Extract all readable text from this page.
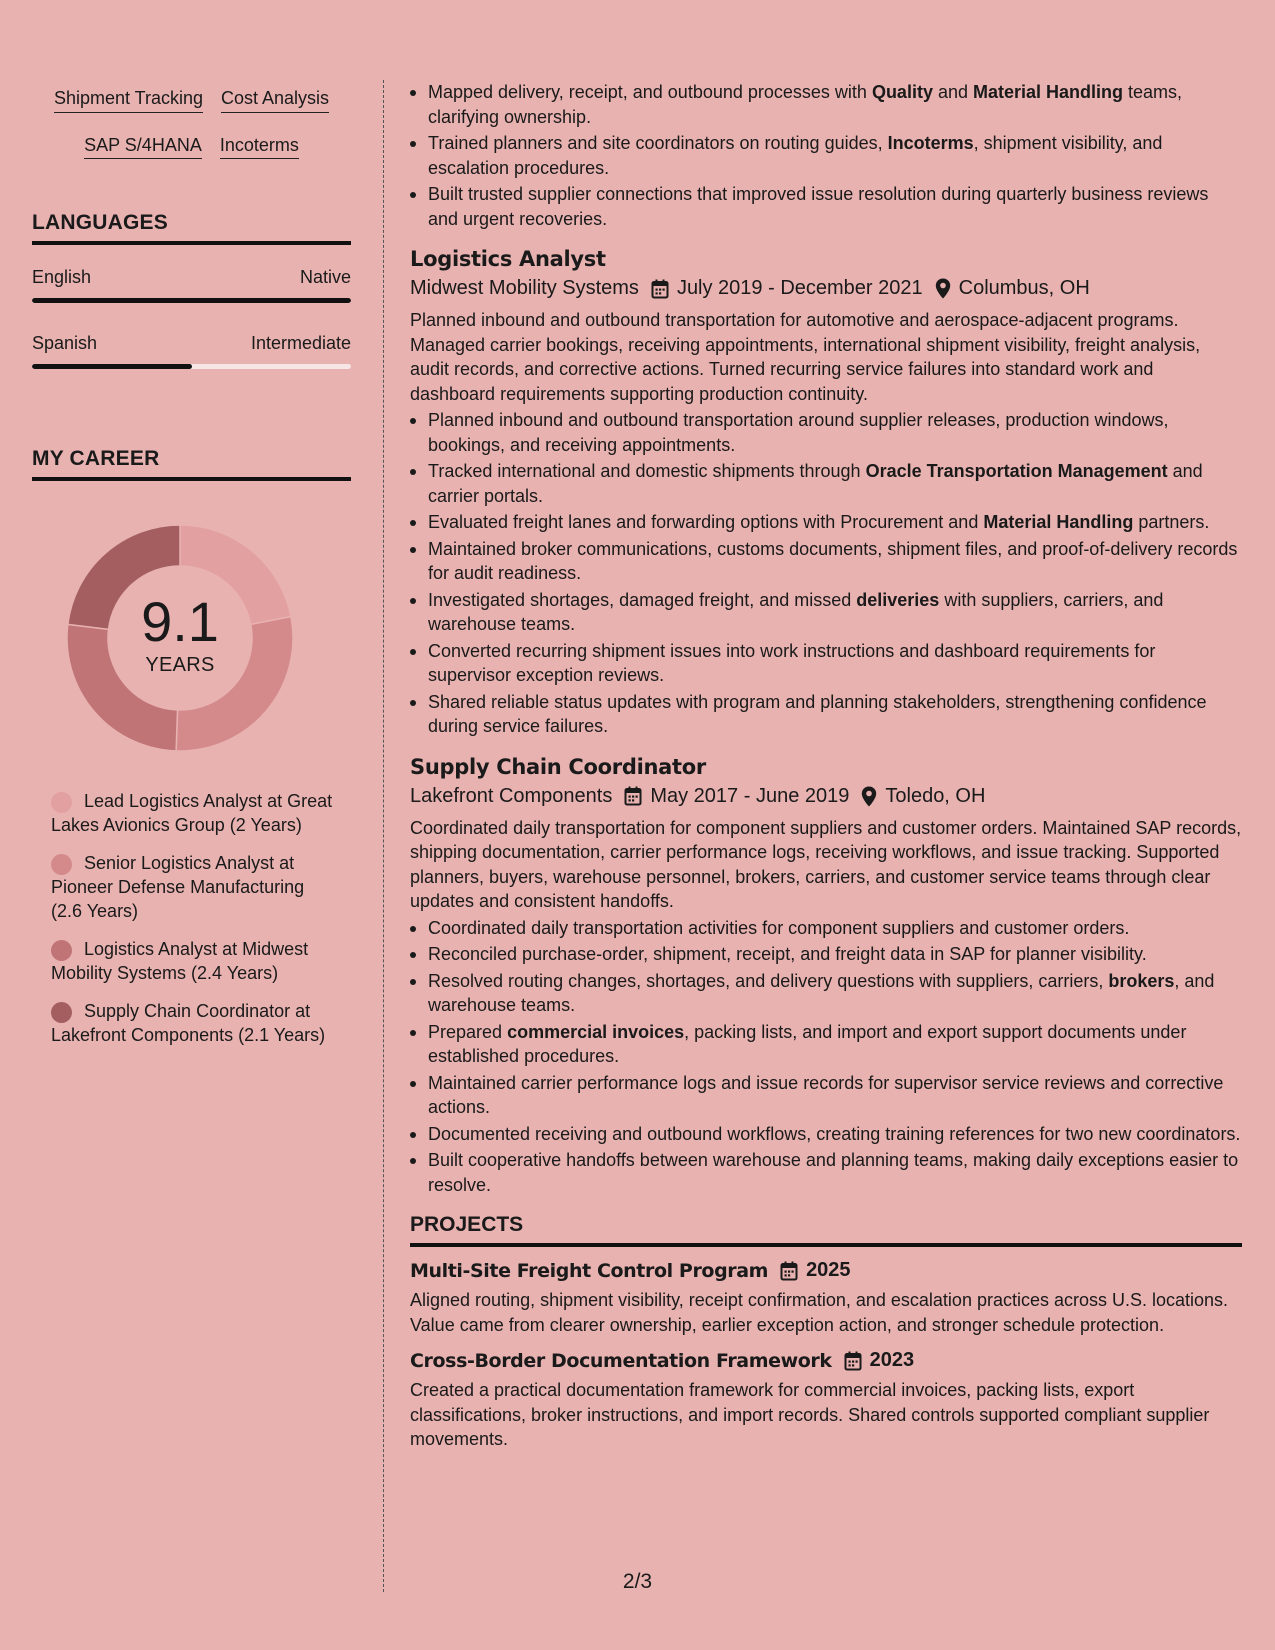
Shipment Tracking Cost Analysis
SAP S/4HANA Incoterms
LANGUAGES
English	Native
Spanish	Intermediate
MY CAREER
9.1
YEARS
Lead Logistics Analyst at Great Lakes Avionics Group (2 Years)
Senior Logistics Analyst at Pioneer Defense Manufacturing (2.6 Years)
Logistics Analyst at Midwest Mobility Systems (2.4 Years)
Supply Chain Coordinator at Lakefront Components (2.1 Years)
Mapped delivery, receipt, and outbound processes with Quality and Material Handling teams, clarifying ownership.
Trained planners and site coordinators on routing guides, Incoterms, shipment visibility, and escalation procedures.
Built trusted supplier connections that improved issue resolution during quarterly business reviews and urgent recoveries.
Logistics Analyst
Midwest Mobility Systems July 2019 - December 2021 Columbus, OH
Planned inbound and outbound transportation for automotive and aerospace-adjacent programs. Managed carrier bookings, receiving appointments, international shipment visibility, freight analysis, audit records, and corrective actions. Turned recurring service failures into standard work and dashboard requirements supporting production continuity.
Planned inbound and outbound transportation around supplier releases, production windows, bookings, and receiving appointments.
Tracked international and domestic shipments through Oracle Transportation Management and carrier portals.
Evaluated freight lanes and forwarding options with Procurement and Material Handling partners.
Maintained broker communications, customs documents, shipment files, and proof-of-delivery records for audit readiness.
Investigated shortages, damaged freight, and missed deliveries with suppliers, carriers, and warehouse teams.
Converted recurring shipment issues into work instructions and dashboard requirements for supervisor exception reviews.
Shared reliable status updates with program and planning stakeholders, strengthening confidence during service failures.
Supply Chain Coordinator
Lakefront Components May 2017 - June 2019 Toledo, OH
Coordinated daily transportation for component suppliers and customer orders. Maintained SAP records, shipping documentation, carrier performance logs, receiving workflows, and issue tracking. Supported planners, buyers, warehouse personnel, brokers, carriers, and customer service teams through clear updates and consistent handoffs.
Coordinated daily transportation activities for component suppliers and customer orders.
Reconciled purchase-order, shipment, receipt, and freight data in SAP for planner visibility.
Resolved routing changes, shortages, and delivery questions with suppliers, carriers, brokers, and warehouse teams.
Prepared commercial invoices, packing lists, and import and export support documents under established procedures.
Maintained carrier performance logs and issue records for supervisor service reviews and corrective actions.
Documented receiving and outbound workflows, creating training references for two new coordinators.
Built cooperative handoffs between warehouse and planning teams, making daily exceptions easier to resolve.
PROJECTS
Multi-Site Freight Control Program 2025
Aligned routing, shipment visibility, receipt confirmation, and escalation practices across U.S. locations. Value came from clearer ownership, earlier exception action, and stronger schedule protection.
Cross-Border Documentation Framework 2023
Created a practical documentation framework for commercial invoices, packing lists, export classifications, broker instructions, and import records. Shared controls supported compliant supplier movements.
2/3
